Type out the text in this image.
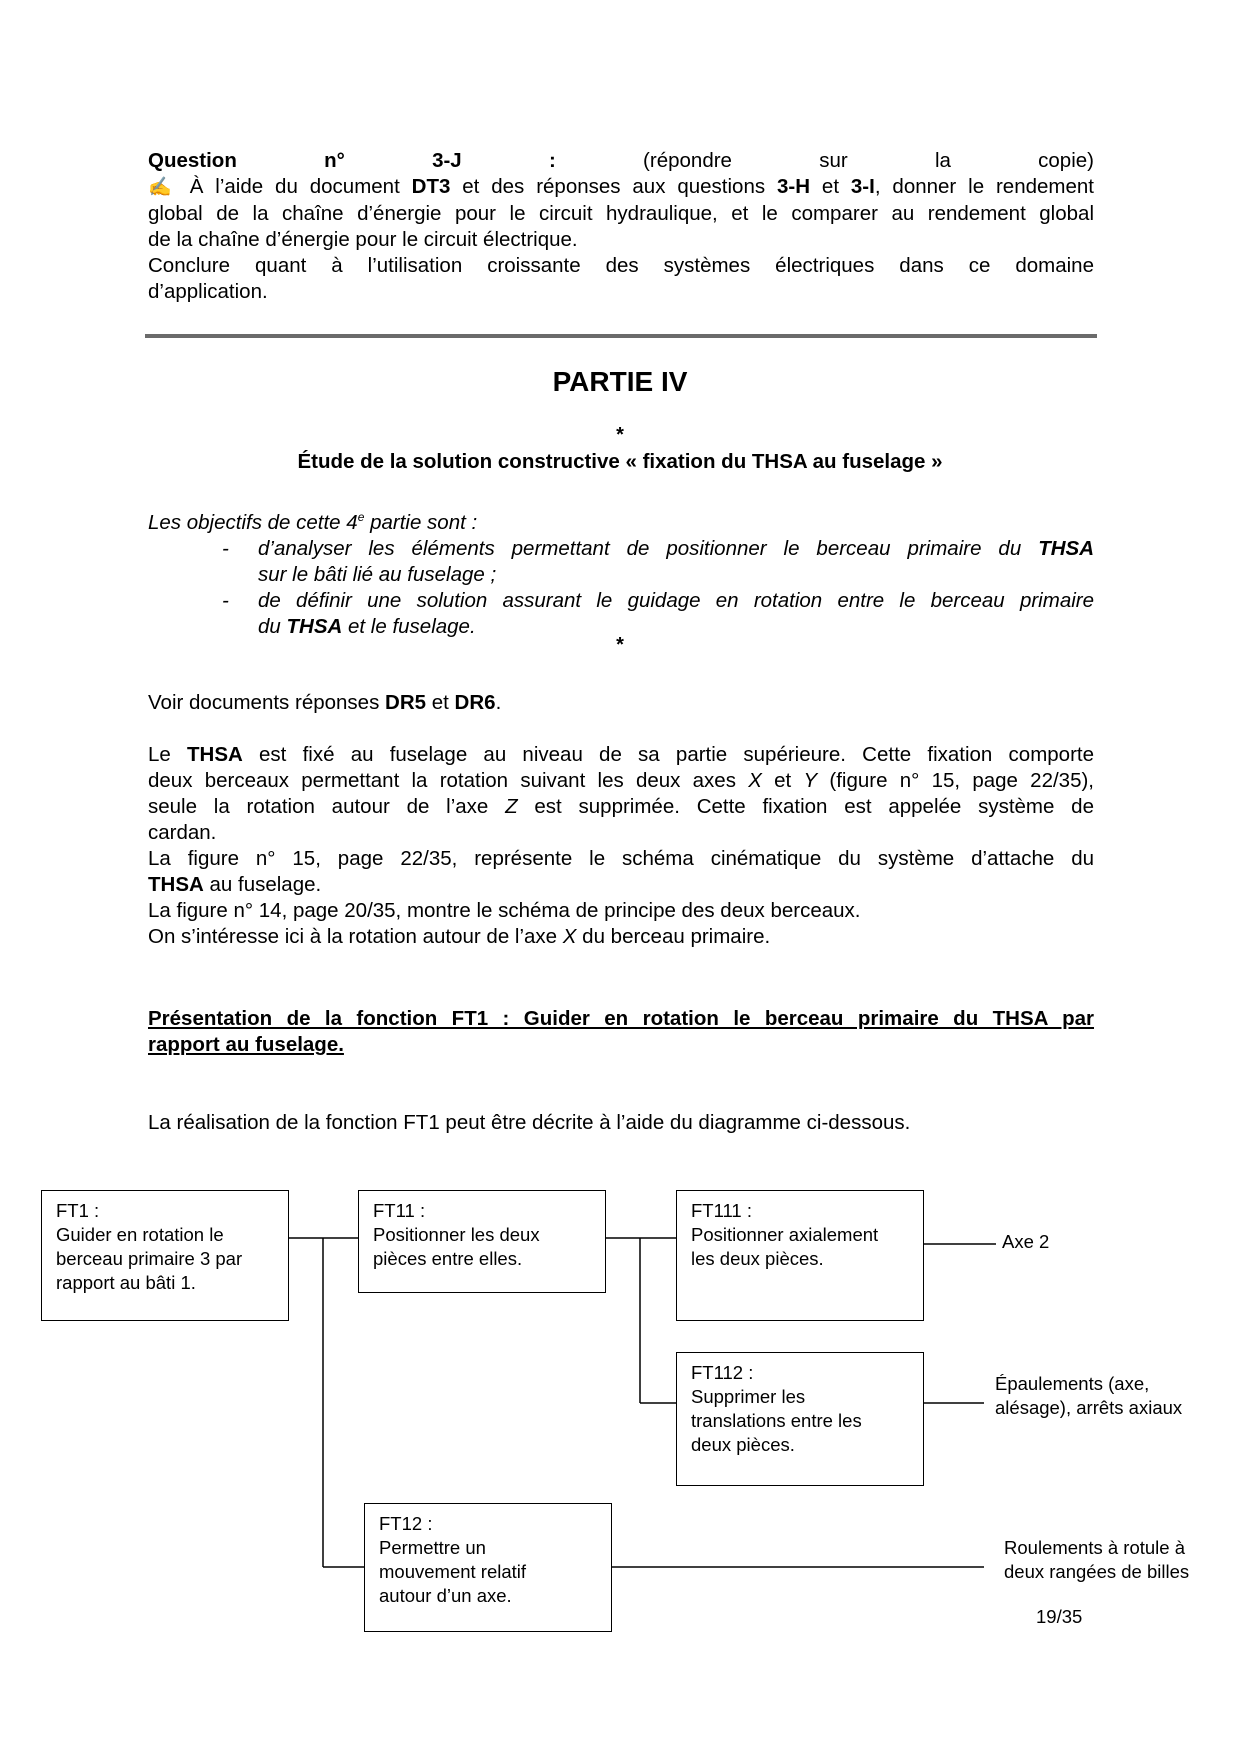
Question n° 3-J : (répondre sur la copie)

✍ À l’aide du document DT3 et des réponses aux questions 3-H et 3-I, donner le rendement

global de la chaîne d’énergie pour le circuit hydraulique, et le comparer au rendement global

de la chaîne d’énergie pour le circuit électrique.

Conclure quant à l’utilisation croissante des systèmes électriques dans ce domaine

d’application.

PARTIE IV
*
Étude de la solution constructive « fixation du THSA au fuselage »

Les objectifs de cette 4e partie sont :

- d’analyser les éléments permettant de positionner le berceau primaire du THSA

sur le bâti lié au fuselage ;

- de définir une solution assurant le guidage en rotation entre le berceau primaire

du THSA et le fuselage.

*
Voir documents réponses DR5 et DR6.

Le THSA est fixé au fuselage au niveau de sa partie supérieure. Cette fixation comporte

deux berceaux permettant la rotation suivant les deux axes X et Y (figure n° 15, page 22/35),

seule la rotation autour de l’axe Z est supprimée. Cette fixation est appelée système de

cardan.

La figure n° 15, page 22/35, représente le schéma cinématique du système d’attache du

THSA au fuselage.

La figure n° 14, page 20/35, montre le schéma de principe des deux berceaux.

On s’intéresse ici à la rotation autour de l’axe X du berceau primaire.

Présentation de la fonction FT1 : Guider en rotation le berceau primaire du THSA par

rapport au fuselage.

La réalisation de la fonction FT1 peut être décrite à l’aide du diagramme ci-dessous.
FT1 :
Guider en rotation le
berceau primaire 3 par
rapport au bâti 1.
FT11 :
Positionner les deux
pièces entre elles.
FT111 :
Positionner axialement
les deux pièces.
FT112 :
Supprimer les
translations entre les
deux pièces.
FT12 :
Permettre un
mouvement relatif
autour d’un axe.
Axe 2
Épaulements (axe,
alésage), arrêts axiaux
Roulements à rotule à
deux rangées de billes
19/35
